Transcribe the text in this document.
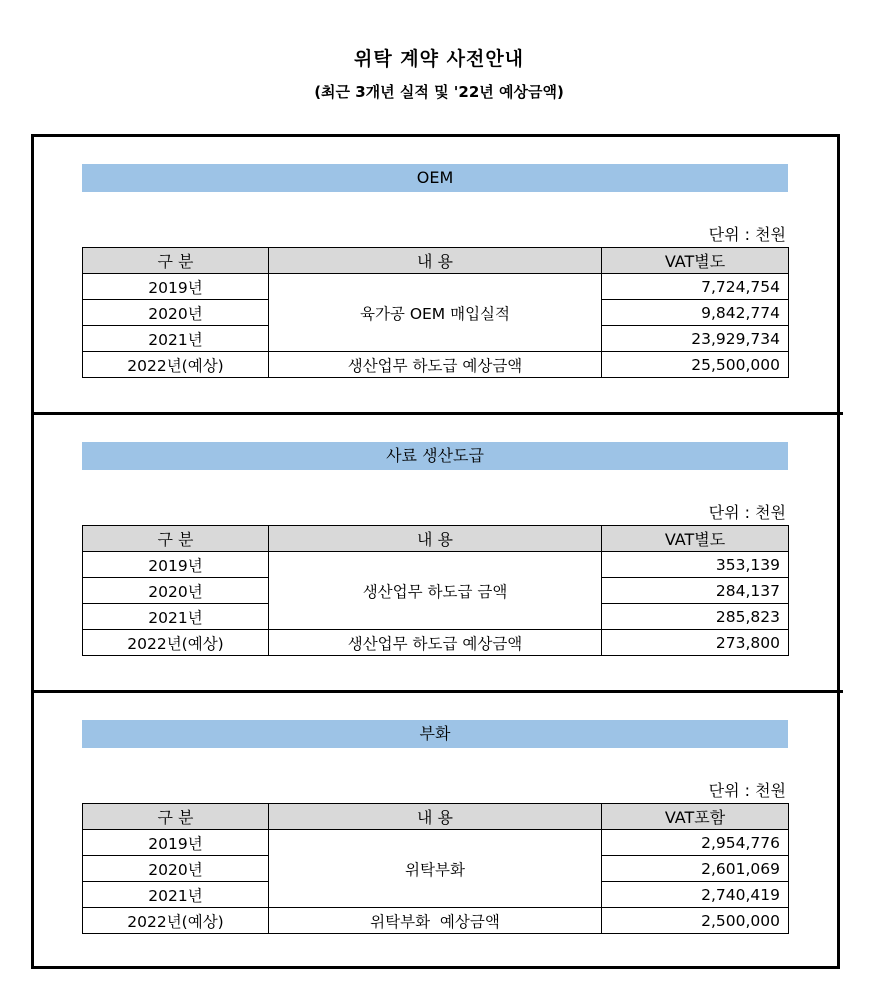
위탁 계약 사전안내
(최근 3개년 실적 및 '22년 예상금액)
OEM
단위 : 천원
구 분	내 용	VAT별도
2019년	육가공 OEM 매입실적	7,724,754
2020년		9,842,774
2021년		23,929,734
2022년(예상)	생산업무 하도급 예상금액	25,500,000
사료 생산도급
단위 : 천원
구 분	내 용	VAT별도
2019년	생산업무 하도급 금액	353,139
2020년		284,137
2021년		285,823
2022년(예상)	생산업무 하도급 예상금액	273,800
부화
단위 : 천원
구 분	내 용	VAT포함
2019년	위탁부화	2,954,776
2020년		2,601,069
2021년		2,740,419
2022년(예상)	위탁부화  예상금액	2,500,000
